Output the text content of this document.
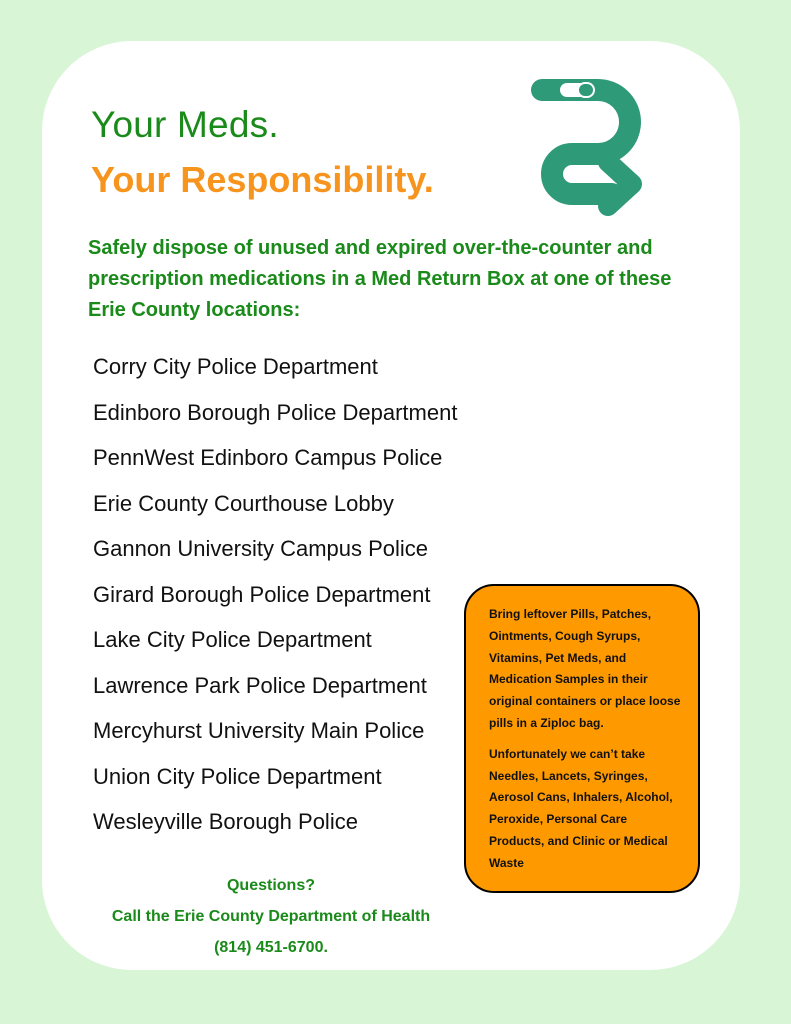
Your Meds.
Your Responsibility.
Safely dispose of unused and expired over-the-counter and prescription medications in a Med Return Box at one of these Erie County locations:
Corry City Police Department
Edinboro Borough Police Department
PennWest Edinboro Campus Police
Erie County Courthouse Lobby
Gannon University Campus Police
Girard Borough Police Department
Lake City Police Department
Lawrence Park Police Department
Mercyhurst University Main Police
Union City Police Department
Wesleyville Borough Police

Bring leftover Pills, Patches, Ointments, Cough Syrups, Vitamins, Pet Meds, and Medication Samples in their original containers or place loose pills in a Ziploc bag.

Unfortunately we can’t take Needles, Lancets, Syringes, Aerosol Cans, Inhalers, Alcohol, Peroxide, Personal Care Products, and Clinic or Medical Waste

Questions?
Call the Erie County Department of Health
(814) 451-6700.
